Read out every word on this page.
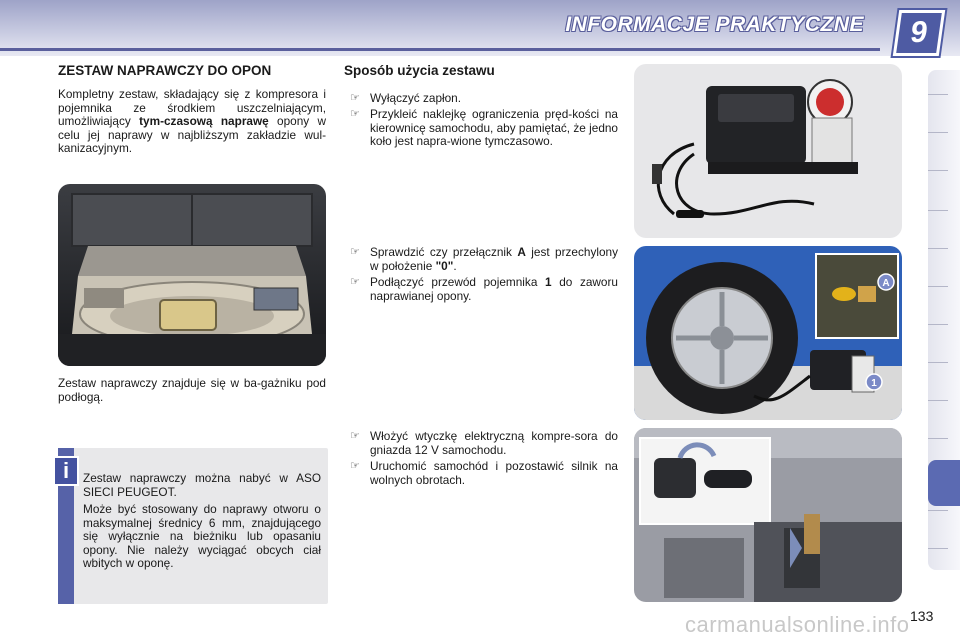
INFORMACJE PRAKTYCZNE	9
ZESTAW NAPRAWCZY DO OPON
Kompletny zestaw, składający się z kompresora i pojemnika ze środkiem uszczelniającym, umożliwiający tym-czasową naprawę opony w celu jej naprawy w najbliższym zakładzie wul-kanizacyjnym.
Zestaw naprawczy znajduje się w ba-gażniku pod podłogą.
i	Zestaw naprawczy można nabyć w ASO SIECI PEUGEOT.
Może być stosowany do naprawy otworu o maksymalnej średnicy 6 mm, znajdującego się wyłącznie na bieżniku lub opasaniu opony. Nie należy wyciągać obcych ciał wbitych w oponę.
Sposób użycia zestawu
☞ Wyłączyć zapłon.
☞ Przykleić naklejkę ograniczenia pręd-kości na kierownicę samochodu, aby pamiętać, że jedno koło jest napra-wione tymczasowo.
☞ Sprawdzić czy przełącznik A jest przechylony w położenie "0".
☞ Podłączyć przewód pojemnika 1 do zaworu naprawianej opony.
☞ Włożyć wtyczkę elektryczną kompre-sora do gniazda 12 V samochodu.
☞ Uruchomić samochód i pozostawić silnik na wolnych obrotach.
A
1
carmanualsonline.info 133
